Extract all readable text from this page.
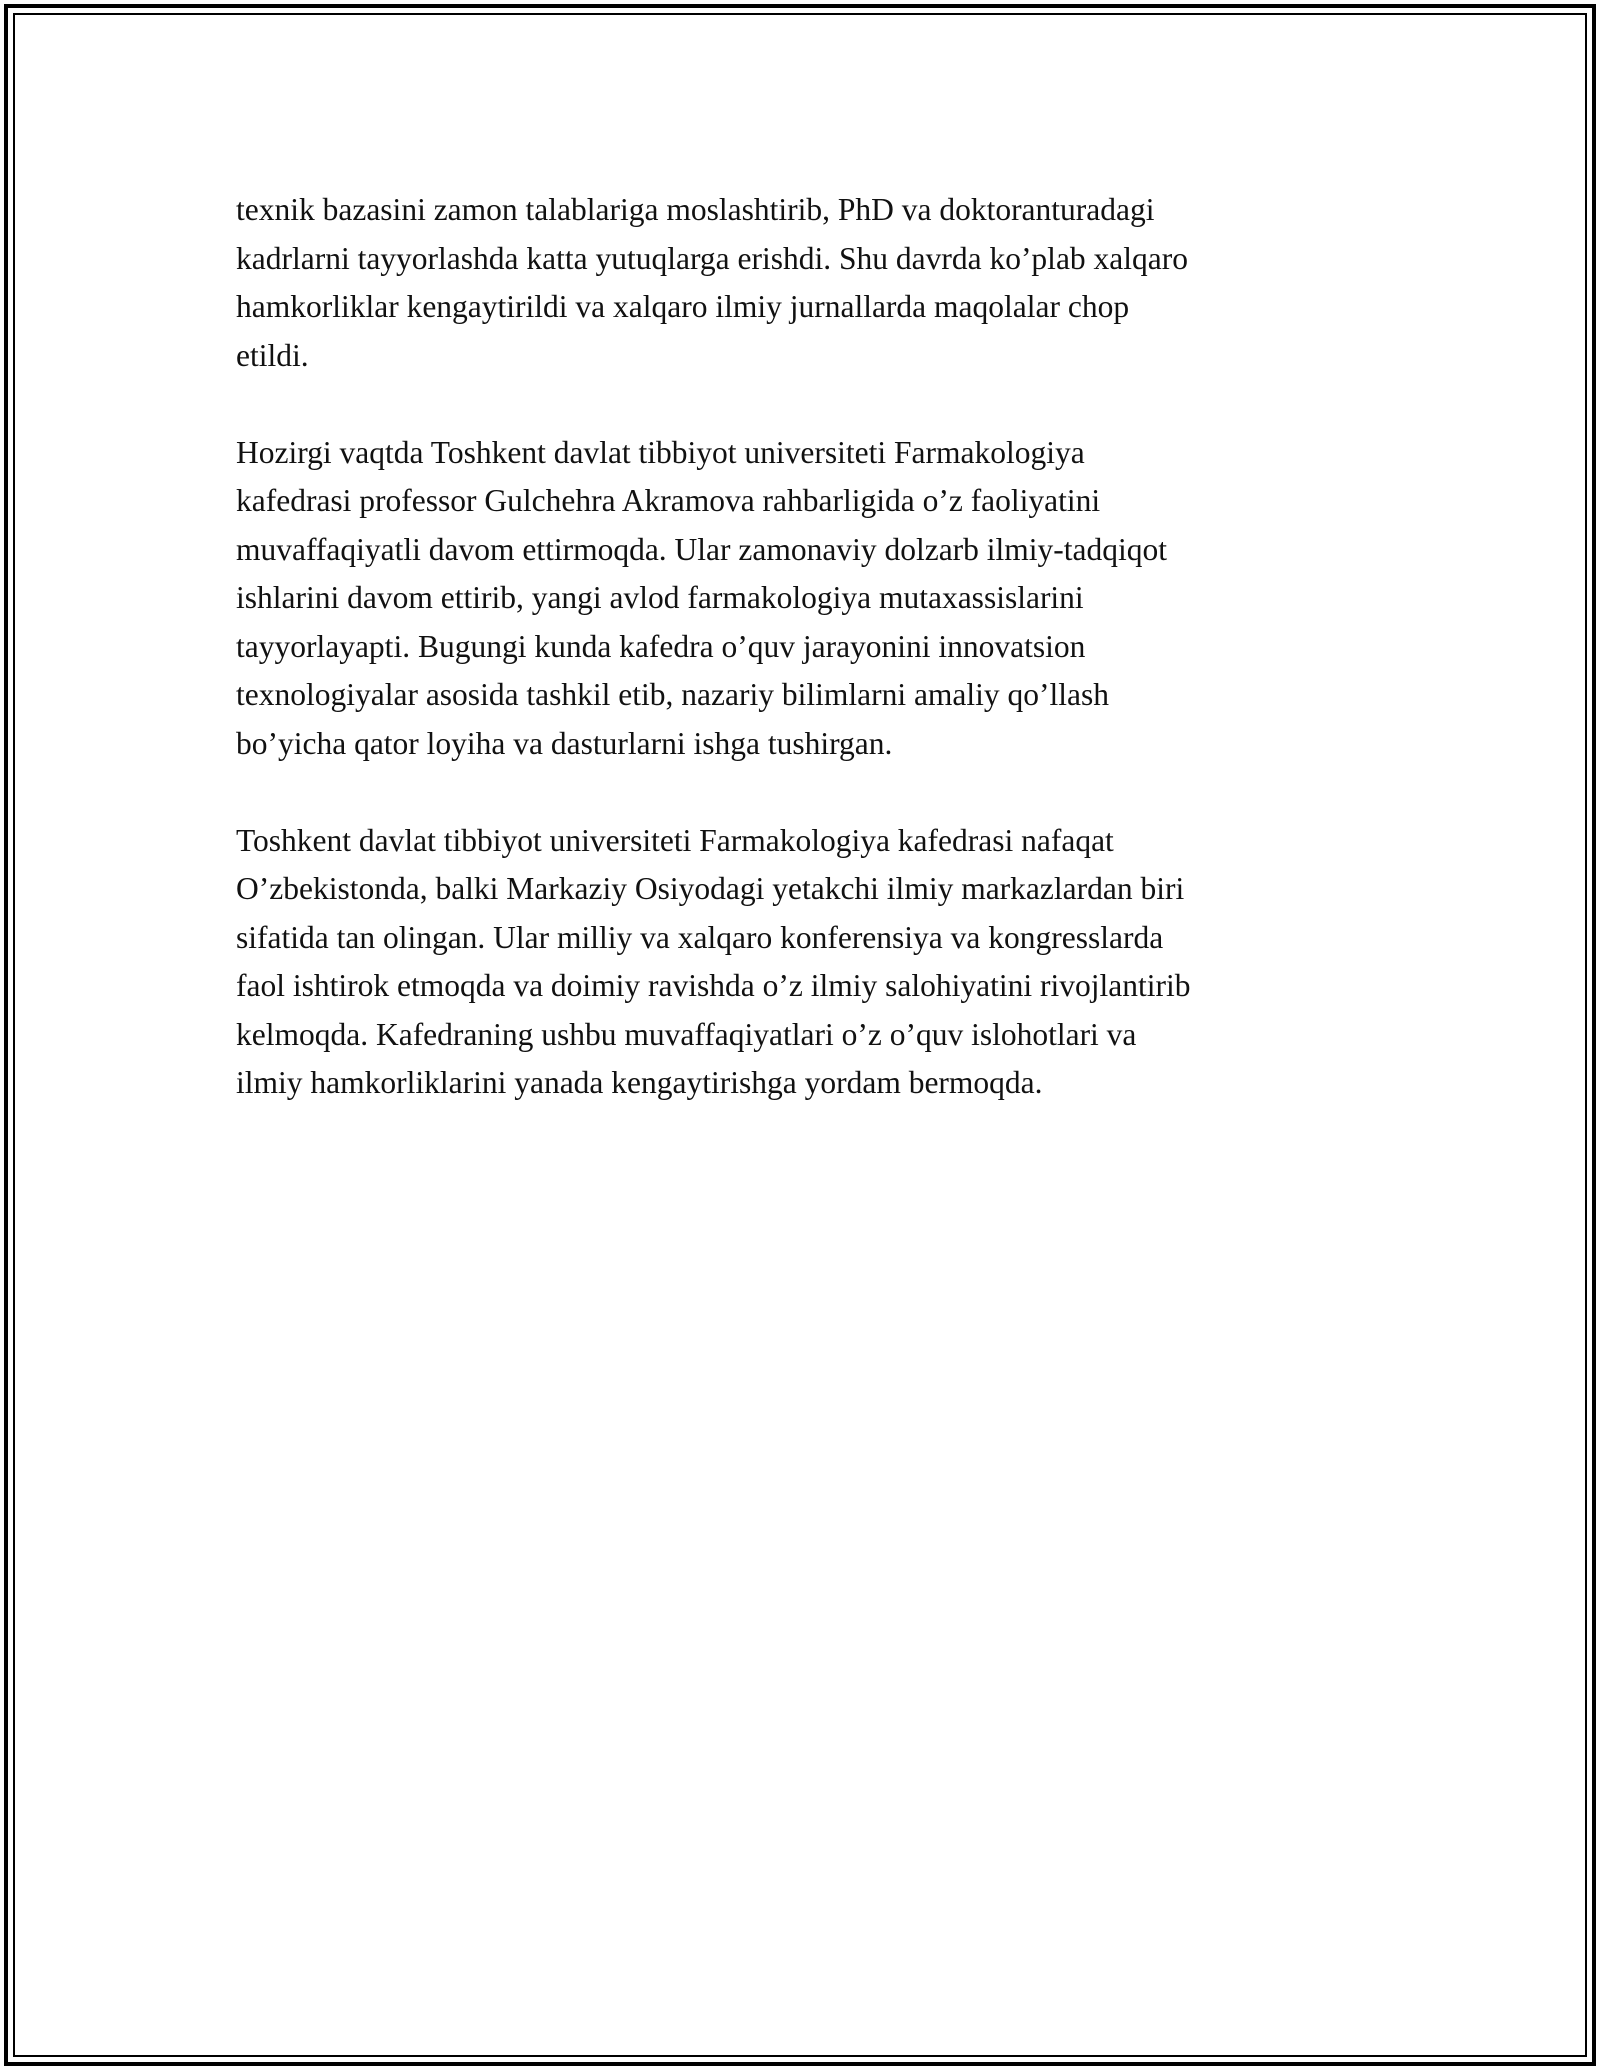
texnik bazasini zamon talablariga moslashtirib, PhD va doktoranturadagi
kadrlarni tayyorlashda katta yutuqlarga erishdi. Shu davrda ko’plab xalqaro
hamkorliklar kengaytirildi va xalqaro ilmiy jurnallarda maqolalar chop
etildi.

Hozirgi vaqtda Toshkent davlat tibbiyot universiteti Farmakologiya
kafedrasi professor Gulchehra Akramova rahbarligida o’z faoliyatini
muvaffaqiyatli davom ettirmoqda. Ular zamonaviy dolzarb ilmiy-tadqiqot
ishlarini davom ettirib, yangi avlod farmakologiya mutaxassislarini
tayyorlayapti. Bugungi kunda kafedra o’quv jarayonini innovatsion
texnologiyalar asosida tashkil etib, nazariy bilimlarni amaliy qo’llash
bo’yicha qator loyiha va dasturlarni ishga tushirgan.

Toshkent davlat tibbiyot universiteti Farmakologiya kafedrasi nafaqat
O’zbekistonda, balki Markaziy Osiyodagi yetakchi ilmiy markazlardan biri
sifatida tan olingan. Ular milliy va xalqaro konferensiya va kongresslarda
faol ishtirok etmoqda va doimiy ravishda o’z ilmiy salohiyatini rivojlantirib
kelmoqda. Kafedraning ushbu muvaffaqiyatlari o’z o’quv islohotlari va
ilmiy hamkorliklarini yanada kengaytirishga yordam bermoqda.
